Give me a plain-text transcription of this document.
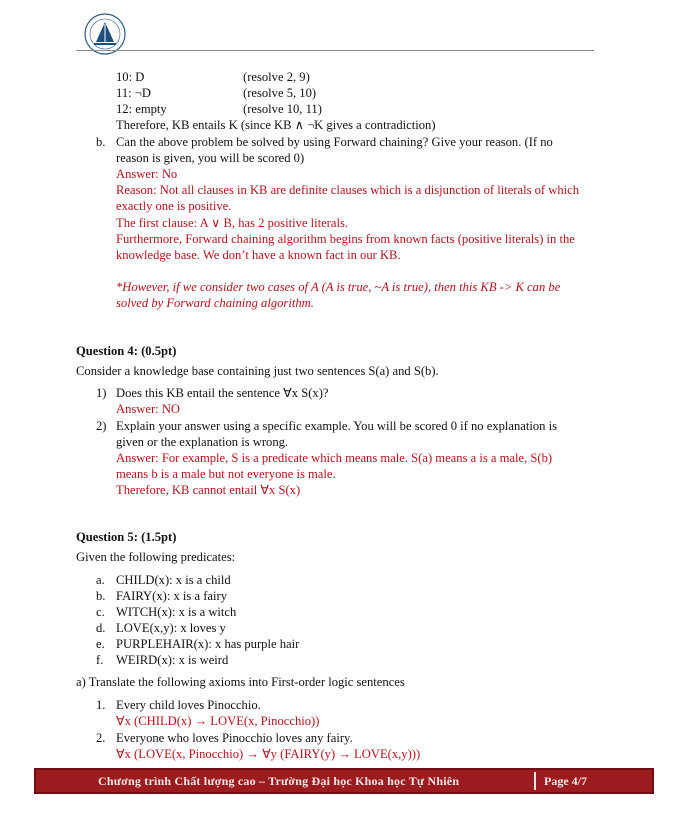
10: D	(resolve 2, 9)
11: ¬D	(resolve 5, 10)
12: empty	(resolve 10, 11)
Therefore, KB entails K (since KB ∧ ¬K gives a contradiction)
b. Can the above problem be solved by using Forward chaining? Give your reason. (If no
reason is given, you will be scored 0)
Answer: No
Reason: Not all clauses in KB are definite clauses which is a disjunction of literals of which
exactly one is positive.
The first clause: A ∨ B, has 2 positive literals.
Furthermore, Forward chaining algorithm begins from known facts (positive literals) in the
knowledge base. We don’t have a known fact in our KB.
*However, if we consider two cases of A (A is true, ~A is true), then this KB -> K can be
solved by Forward chaining algorithm.
Question 4: (0.5pt)
Consider a knowledge base containing just two sentences S(a) and S(b).
1) Does this KB entail the sentence ∀x S(x)?
Answer: NO
2) Explain your answer using a specific example. You will be scored 0 if no explanation is
given or the explanation is wrong.
Answer: For example, S is a predicate which means male. S(a) means a is a male, S(b)
means b is a male but not everyone is male.
Therefore, KB cannot entail ∀x S(x)
Question 5: (1.5pt)
Given the following predicates:
a. CHILD(x): x is a child
b. FAIRY(x): x is a fairy
c. WITCH(x): x is a witch
d. LOVE(x,y): x loves y
e. PURPLEHAIR(x): x has purple hair
f. WEIRD(x): x is weird
a) Translate the following axioms into First-order logic sentences
1. Every child loves Pinocchio.
∀x (CHILD(x) → LOVE(x, Pinocchio))
2. Everyone who loves Pinocchio loves any fairy.
∀x (LOVE(x, Pinocchio) → ∀y (FAIRY(y) → LOVE(x,y)))
Chương trình Chất lượng cao – Trường Đại học Khoa học Tự Nhiên	Page 4/7
